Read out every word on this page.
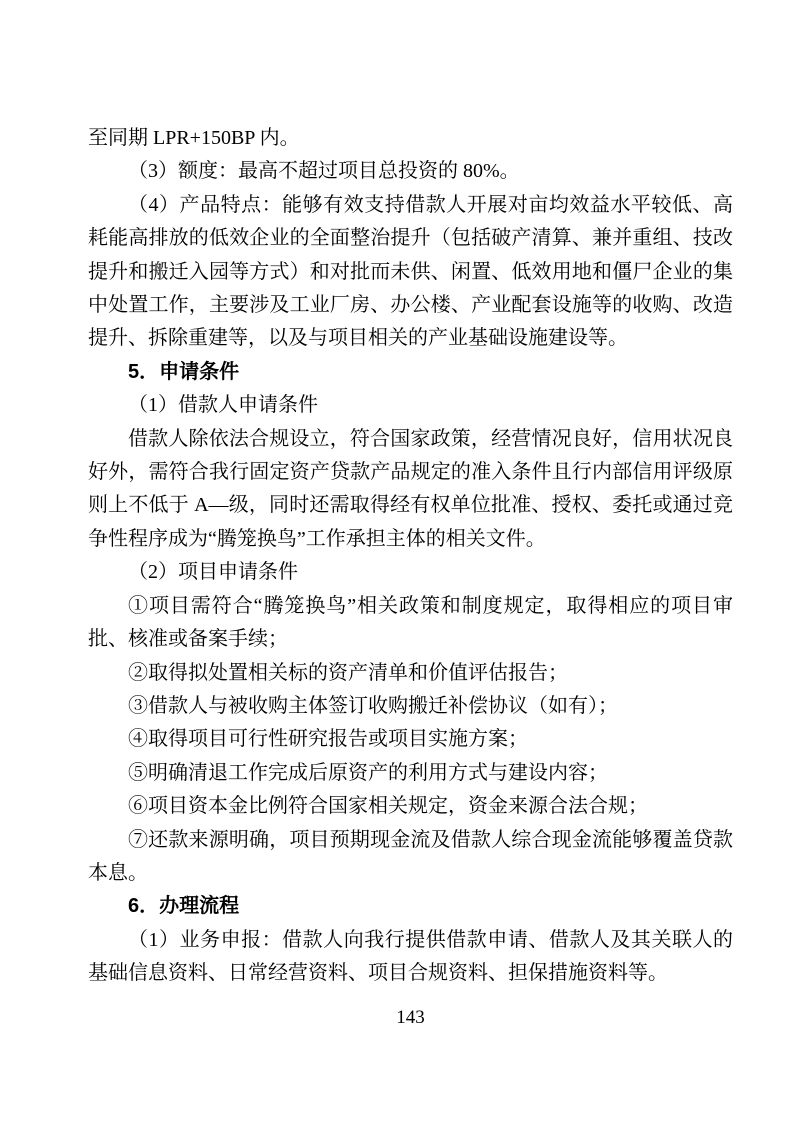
至同期 LPR+150BP 内。

（3）额度：最高不超过项目总投资的 80%。

（4）产品特点：能够有效支持借款人开展对亩均效益水平较低、高耗能高排放的低效企业的全面整治提升（包括破产清算、兼并重组、技改提升和搬迁入园等方式）和对批而未供、闲置、低效用地和僵尸企业的集中处置工作，主要涉及工业厂房、办公楼、产业配套设施等的收购、改造提升、拆除重建等，以及与项目相关的产业基础设施建设等。

5．申请条件

（1）借款人申请条件

借款人除依法合规设立，符合国家政策，经营情况良好，信用状况良好外，需符合我行固定资产贷款产品规定的准入条件且行内部信用评级原则上不低于 A—级，同时还需取得经有权单位批准、授权、委托或通过竞争性程序成为“腾笼换鸟”工作承担主体的相关文件。

（2）项目申请条件

①项目需符合“腾笼换鸟”相关政策和制度规定，取得相应的项目审批、核准或备案手续；

②取得拟处置相关标的资产清单和价值评估报告；

③借款人与被收购主体签订收购搬迁补偿协议（如有）；

④取得项目可行性研究报告或项目实施方案；

⑤明确清退工作完成后原资产的利用方式与建设内容；

⑥项目资本金比例符合国家相关规定，资金来源合法合规；

⑦还款来源明确，项目预期现金流及借款人综合现金流能够覆盖贷款本息。

6．办理流程

（1）业务申报：借款人向我行提供借款申请、借款人及其关联人的基础信息资料、日常经营资料、项目合规资料、担保措施资料等。

143
